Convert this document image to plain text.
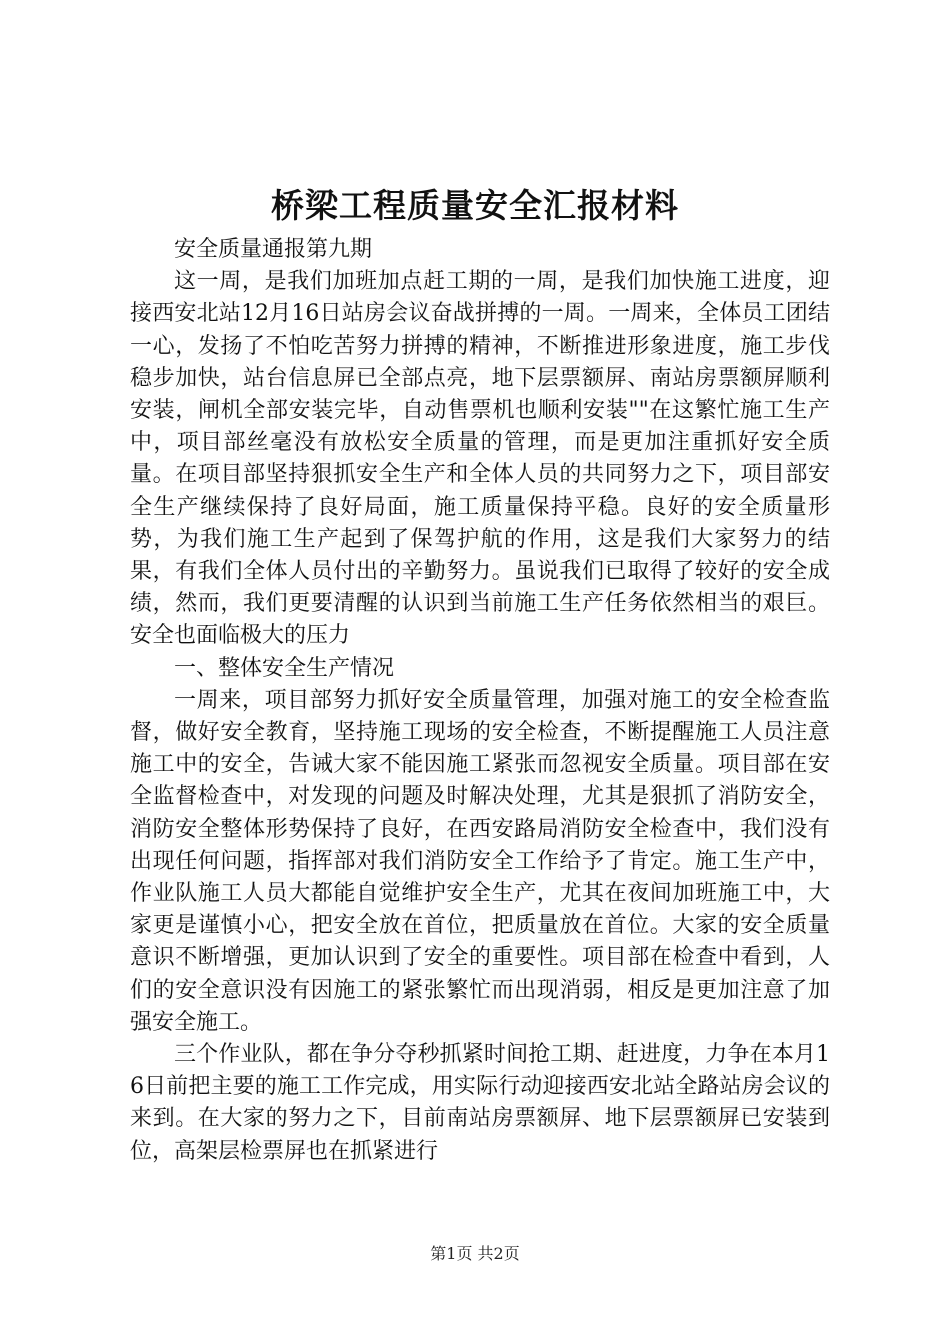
桥梁工程质量安全汇报材料

安全质量通报第九期

这一周，是我们加班加点赶工期的一周，是我们加快施工进度，迎接西安北站12月16日站房会议奋战拼搏的一周。一周来，全体员工团结一心，发扬了不怕吃苦努力拼搏的精神，不断推进形象进度，施工步伐稳步加快，站台信息屏已全部点亮，地下层票额屏、南站房票额屏顺利安装，闸机全部安装完毕，自动售票机也顺利安装""在这繁忙施工生产中，项目部丝毫没有放松安全质量的管理，而是更加注重抓好安全质量。在项目部坚持狠抓安全生产和全体人员的共同努力之下，项目部安全生产继续保持了良好局面，施工质量保持平稳。良好的安全质量形势，为我们施工生产起到了保驾护航的作用，这是我们大家努力的结果，有我们全体人员付出的辛勤努力。虽说我们已取得了较好的安全成绩，然而，我们更要清醒的认识到当前施工生产任务依然相当的艰巨。安全也面临极大的压力

一、整体安全生产情况

一周来，项目部努力抓好安全质量管理，加强对施工的安全检查监督，做好安全教育，坚持施工现场的安全检查，不断提醒施工人员注意施工中的安全，告诫大家不能因施工紧张而忽视安全质量。项目部在安全监督检查中，对发现的问题及时解决处理，尤其是狠抓了消防安全，消防安全整体形势保持了良好，在西安路局消防安全检查中，我们没有出现任何问题，指挥部对我们消防安全工作给予了肯定。施工生产中，作业队施工人员大都能自觉维护安全生产，尤其在夜间加班施工中，大家更是谨慎小心，把安全放在首位，把质量放在首位。大家的安全质量意识不断增强，更加认识到了安全的重要性。项目部在检查中看到，人们的安全意识没有因施工的紧张繁忙而出现消弱，相反是更加注意了加强安全施工。

三个作业队，都在争分夺秒抓紧时间抢工期、赶进度，力争在本月16日前把主要的施工工作完成，用实际行动迎接西安北站全路站房会议的来到。在大家的努力之下，目前南站房票额屏、地下层票额屏已安装到位，高架层检票屏也在抓紧进行

第1页 共2页
